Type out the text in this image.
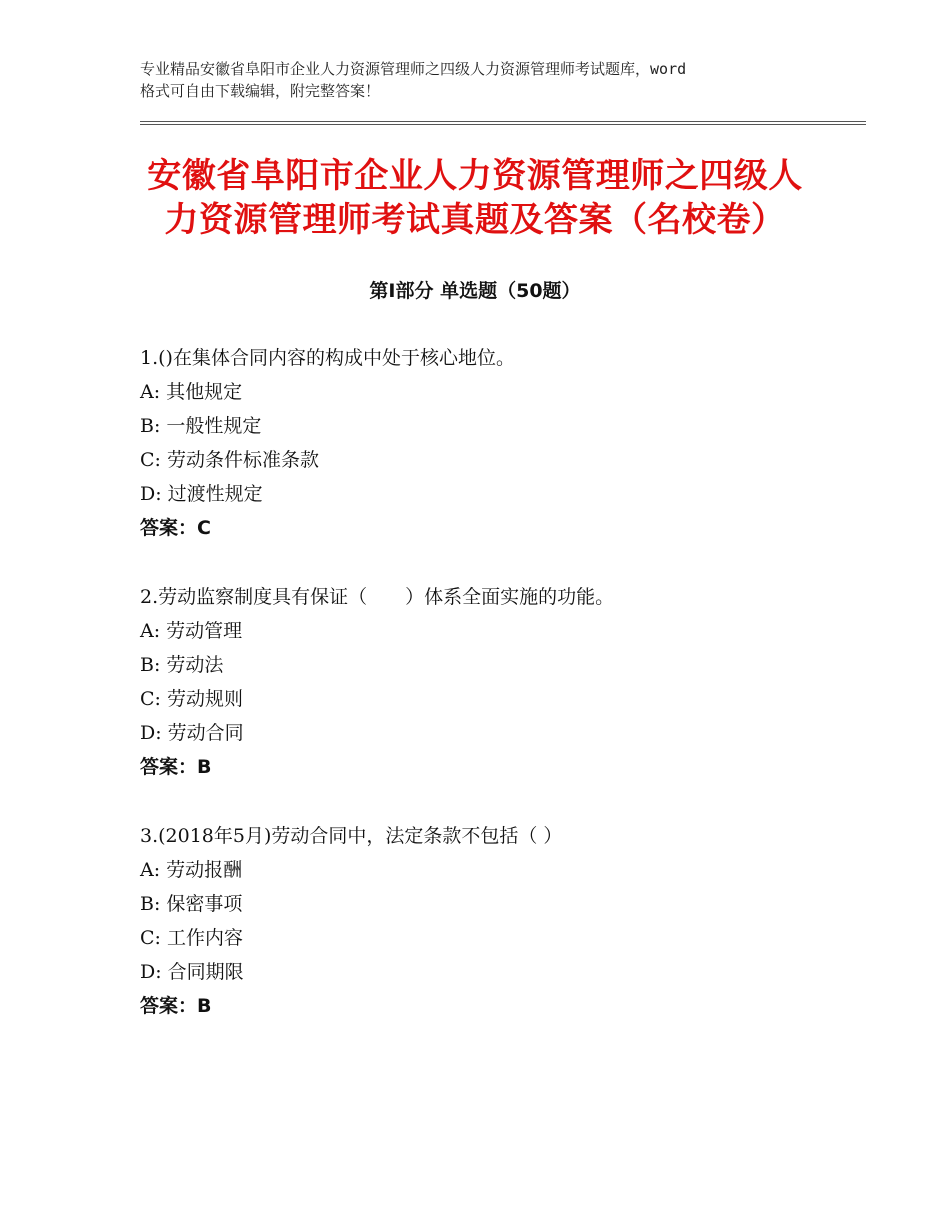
专业精品安徽省阜阳市企业人力资源管理师之四级人力资源管理师考试题库，word
格式可自由下载编辑，附完整答案！
安徽省阜阳市企业人力资源管理师之四级人
力资源管理师考试真题及答案（名校卷）
第Ⅰ部分 单选题（50题）
1.()在集体合同内容的构成中处于核心地位。
A: 其他规定
B: 一般性规定
C: 劳动条件标准条款
D: 过渡性规定
答案：C
2.劳动监察制度具有保证（　　）体系全面实施的功能。
A: 劳动管理
B: 劳动法
C: 劳动规则
D: 劳动合同
答案：B
3.(2018年5月)劳动合同中，法定条款不包括（ ）
A: 劳动报酬
B: 保密事项
C: 工作内容
D: 合同期限
答案：B
